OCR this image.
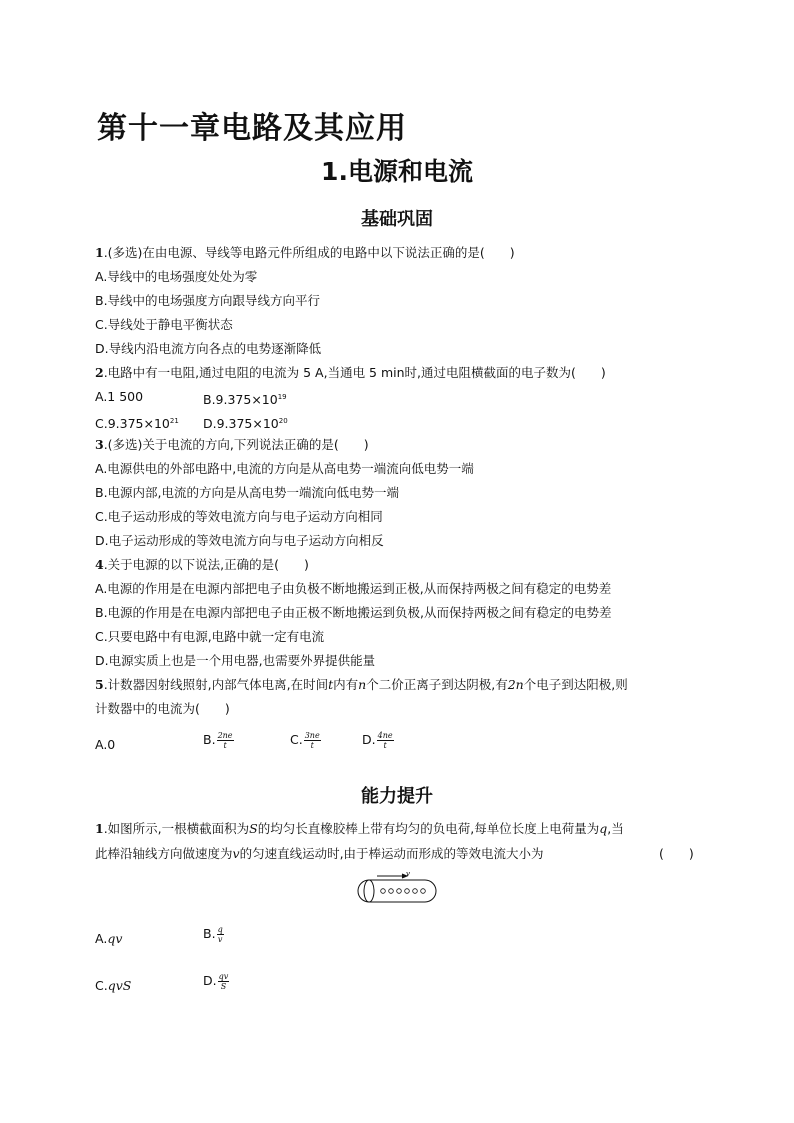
第十一章电路及其应用
1.电源和电流
基础巩固
1.(多选)在由电源、导线等电路元件所组成的电路中以下说法正确的是(　　)
A.导线中的电场强度处处为零
B.导线中的电场强度方向跟导线方向平行
C.导线处于静电平衡状态
D.导线内沿电流方向各点的电势逐渐降低
2.电路中有一电阻,通过电阻的电流为 5 A,当通电 5 min时,通过电阻横截面的电子数为(　　)
A.1 500	$B.9.375\times 10^{19}$
$C.9.375\times 10^{21}$ $D.9.375\times 10^{20}$
3.(多选)关于电流的方向,下列说法正确的是(　　)
A.电源供电的外部电路中,电流的方向是从高电势一端流向低电势一端
B.电源内部,电流的方向是从高电势一端流向低电势一端
C.电子运动形成的等效电流方向与电子运动方向相同
D.电子运动形成的等效电流方向与电子运动方向相反
4.关于电源的以下说法,正确的是(　　)
A.电源的作用是在电源内部把电子由负极不断地搬运到正极,从而保持两极之间有稳定的电势差
B.电源的作用是在电源内部把电子由正极不断地搬运到负极,从而保持两极之间有稳定的电势差
C.只要电路中有电源,电路中就一定有电流
D.电源实质上也是一个用电器,也需要外界提供能量
5.计数器因射线照射,内部气体电离,在时间t内有n个二价正离子到达阴极,有2n个电子到达阳极,则
计数器中的电流为(　　)
A.0	B. $\frac{2ne}{t}$	C. $\frac{3ne}{t}$	D. $\frac{4ne}{t}$
能力提升
1.如图所示,一根横截面积为S的均匀长直橡胶棒上带有均匀的负电荷,每单位长度上电荷量为q,当
此棒沿轴线方向做速度为v的匀速直线运动时,由于棒运动而形成的等效电流大小为	(　　)
v
A.qv	B. $\frac{q}{v}$
C.qvS	D. $\frac{qv}{S}$
